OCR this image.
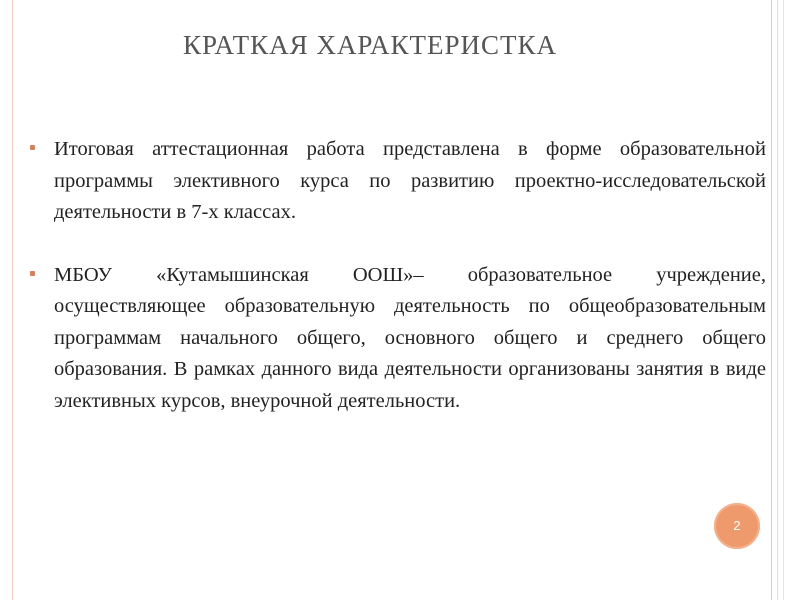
КРАТКАЯ ХАРАКТЕРИСТКА
Итоговая аттестационная работа представлена в форме образовательной программы элективного курса по развитию проектно-исследовательской деятельности в 7-х классах.
МБОУ «Кутамышинская ООШ»– образовательное учреждение, осуществляющее образовательную деятельность по общеобразовательным программам начального общего, основного общего и среднего общего образования. В рамках данного вида деятельности организованы занятия в виде элективных курсов, внеурочной деятельности.
2
